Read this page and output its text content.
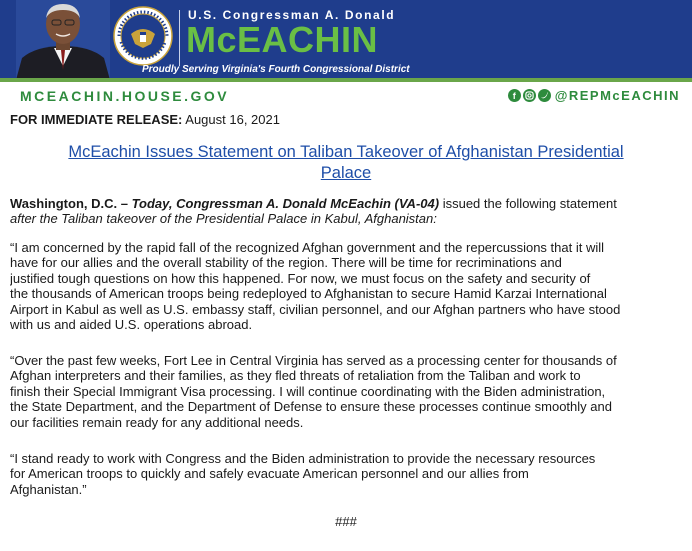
U.S. Congressman A. Donald
McEACHIN
Proudly Serving Virginia's Fourth Congressional District
MCEACHIN.HOUSE.GOV	f	@REPMcEACHIN
FOR IMMEDIATE RELEASE: August 16, 2021
McEachin Issues Statement on Taliban Takeover of Afghanistan Presidential
Palace

Washington, D.C. – Today, Congressman A. Donald McEachin (VA-04) issued the following statement
after the Taliban takeover of the Presidential Palace in Kabul, Afghanistan:

“I am concerned by the rapid fall of the recognized Afghan government and the repercussions that it will
have for our allies and the overall stability of the region. There will be time for recriminations and
justified tough questions on how this happened. For now, we must focus on the safety and security of
the thousands of American troops being redeployed to Afghanistan to secure Hamid Karzai International
Airport in Kabul as well as U.S. embassy staff, civilian personnel, and our Afghan partners who have stood
with us and aided U.S. operations abroad.

“Over the past few weeks, Fort Lee in Central Virginia has served as a processing center for thousands of
Afghan interpreters and their families, as they fled threats of retaliation from the Taliban and work to
finish their Special Immigrant Visa processing. I will continue coordinating with the Biden administration,
the State Department, and the Department of Defense to ensure these processes continue smoothly and
our facilities remain ready for any additional needs.

“I stand ready to work with Congress and the Biden administration to provide the necessary resources
for American troops to quickly and safely evacuate American personnel and our allies from
Afghanistan.”

###
